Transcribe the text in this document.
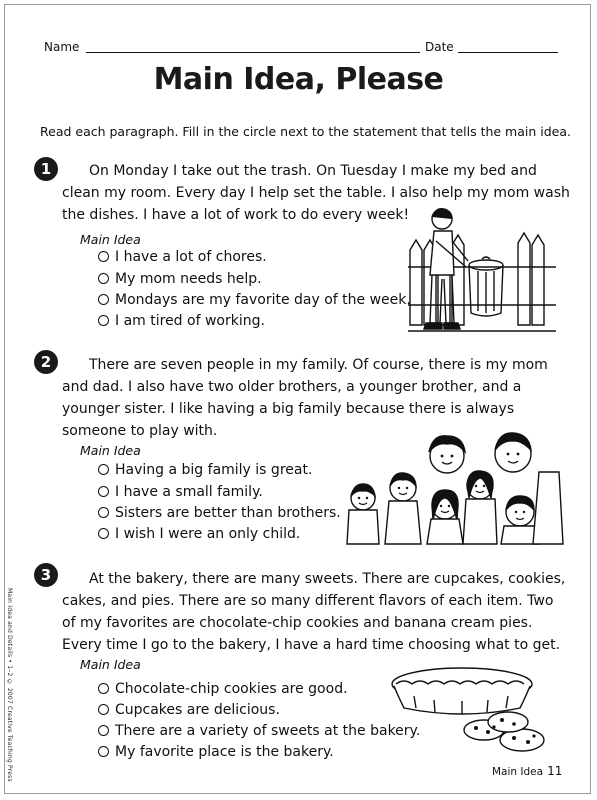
Name	Date
Main Idea, Please
Read each paragraph. Fill in the circle next to the statement that tells the main idea.
1	On Monday I take out the trash. On Tuesday I make my bed and
clean my room. Every day I help set the table. I also help my mom wash
the dishes. I have a lot of work to do every week!
Main Idea
I have a lot of chores.
My mom needs help.
Mondays are my favorite day of the week.
I am tired of working.
2	There are seven people in my family. Of course, there is my mom
and dad. I also have two older brothers, a younger brother, and a
younger sister. I like having a big family because there is always
someone to play with.
Main Idea
Having a big family is great.
I have a small family.
Sisters are better than brothers.
I wish I were an only child.
3	At the bakery, there are many sweets. There are cupcakes, cookies,
cakes, and pies. There are so many different flavors of each item. Two
of my favorites are chocolate-chip cookies and banana cream pies.
Every time I go to the bakery, I have a hard time choosing what to get.
Main Idea
Chocolate-chip cookies are good.
Cupcakes are delicious.
There are a variety of sweets at the bakery.
My favorite place is the bakery.
Main Idea and Details • 1–2 © 2007 Creative Teaching Press	Main Idea 11
